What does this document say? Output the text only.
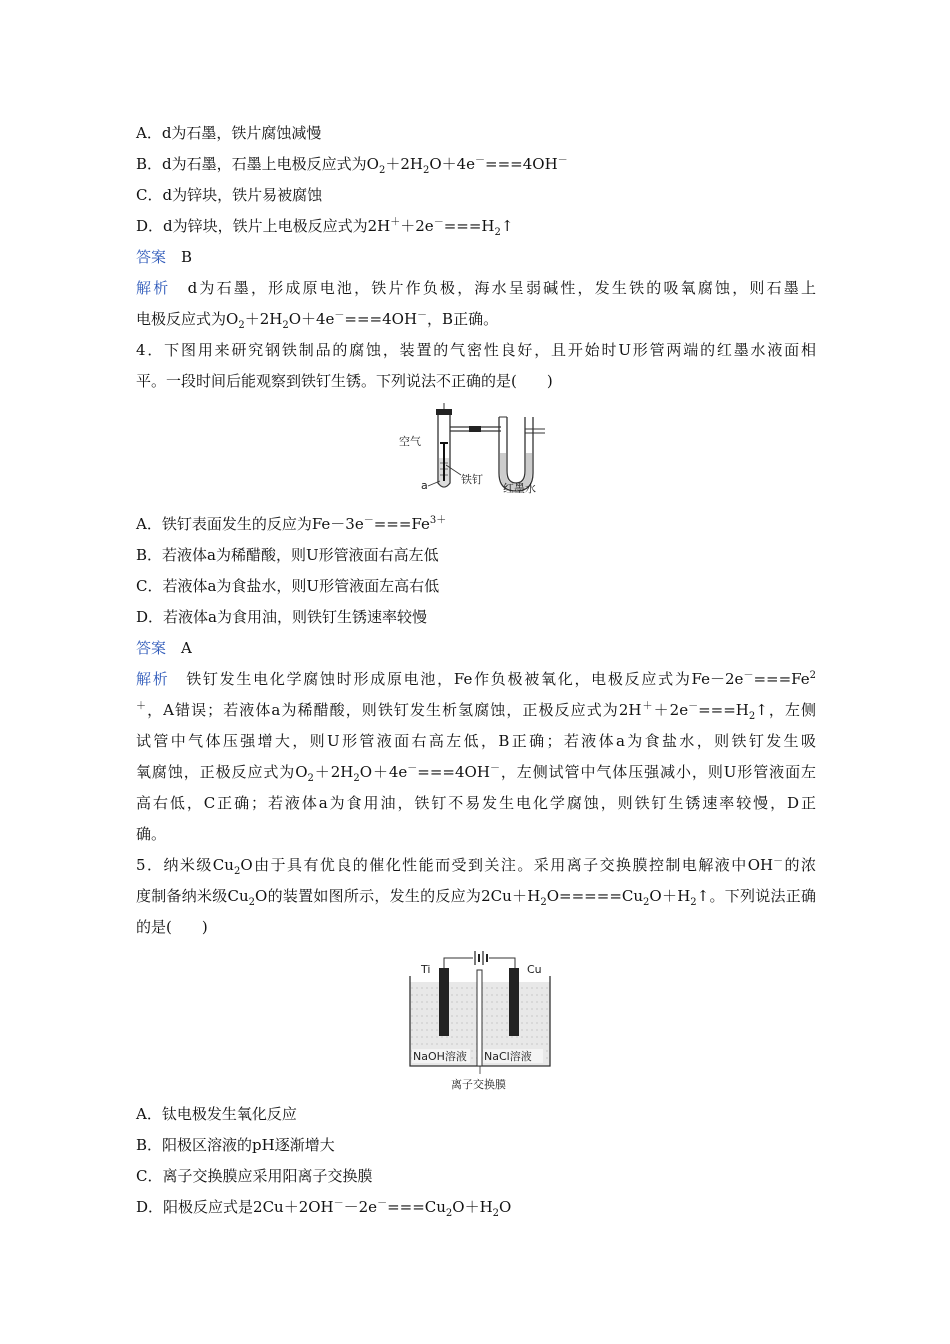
A．d为石墨，铁片腐蚀减慢
B．d为石墨，石墨上电极反应式为$O_2+2H_2O+4e^-===4OH^-$
C．d为锌块，铁片易被腐蚀
D．d为锌块，铁片上电极反应式为$2H^++2e^-===H_2↑$
答案　 B
解析　 d为石墨，形成原电池，铁片作负极，海水呈弱碱性，发生铁的吸氧腐蚀，则石墨上
电极反应式为$O_2+2H_2O+4e^-===4OH^-$，B正确。
4．下图用来研究钢铁制品的腐蚀，装置的气密性良好，且开始时U形管两端的红墨水液面相
平。一段时间后能观察到铁钉生锈。下列说法不正确的是(　　)
空气
a	铁钉
红墨水
A．铁钉表面发生的反应为$Fe-3e^-===Fe^{3+}$
B．若液体a为稀醋酸，则U形管液面右高左低
C．若液体a为食盐水，则U形管液面左高右低
D．若液体a为食用油，则铁钉生锈速率较慢
答案　 A
解析　 铁钉发生电化学腐蚀时形成原电池，Fe作负极被氧化，电极反应式为$Fe-2e^-===Fe^2$
＋，A错误；若液体a为稀醋酸，则铁钉发生析氢腐蚀，正极反应式为$2H^++2e^-===H_2↑$，左侧
试管中气体压强增大，则U形管液面右高左低，B正确；若液体a为食盐水，则铁钉发生吸
氧腐蚀，正极反应式为$O_2+2H_2O+4e^-===4OH^-$，左侧试管中气体压强减小，则U形管液面左
高右低，C正确；若液体a为食用油，铁钉不易发生电化学腐蚀，则铁钉生锈速率较慢，D正
确。
5．纳米级$Cu_2O$由于具有优良的催化性能而受到关注。采用离子交换膜控制电解液中OH－的浓
度制备纳米级$Cu_2O$的装置如图所示，发生的反应为$2Cu+H_2O=====Cu_2O+H_2↑$。下列说法正确
的是(　　)
Ti	Cu
NaOH溶液 NaCl溶液
离子交换膜
A．钛电极发生氧化反应
B．阳极区溶液的pH逐渐增大
C．离子交换膜应采用阳离子交换膜
D．阳极反应式是$2Cu+2OH^--2e^-===Cu_2O+H_2O$
